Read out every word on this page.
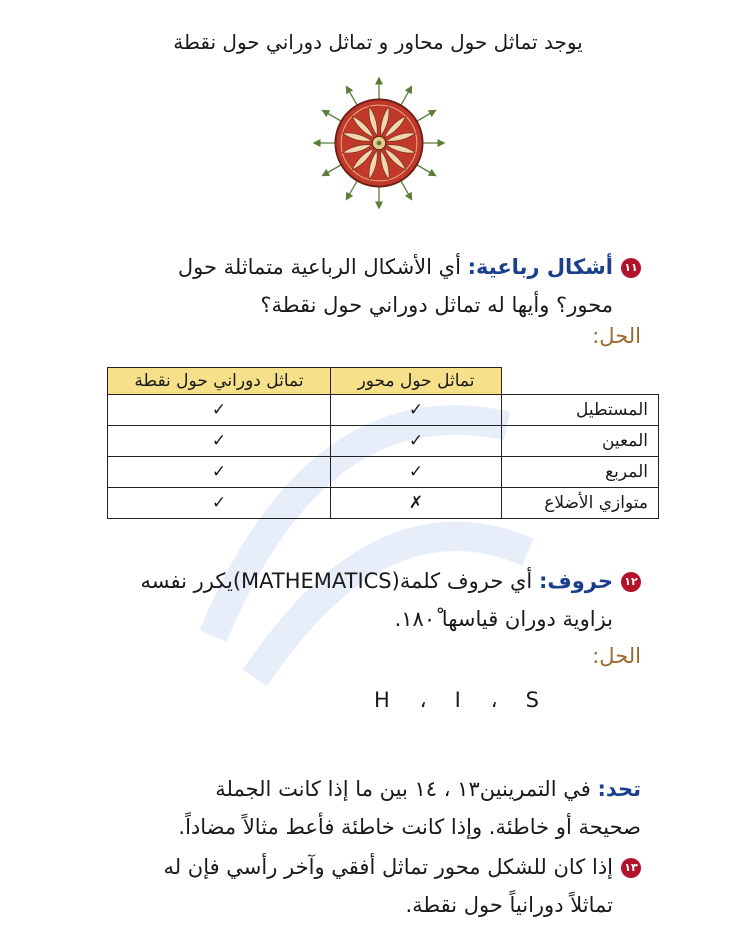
يوجد تماثل حول محاور و تماثل دوراني حول نقطة
١١أشكال رباعية: أي الأشكال الرباعية متماثلة حول
محور؟ وأيها له تماثل دوراني حول نقطة؟
الحل:
	تماثل حول محور	تماثل دوراني حول نقطة
المستطيل	✓	✓
المعين	✓	✓
المربع	✓	✓
متوازي الأضلاع	✗	✓
١٢حروف: أي حروف كلمة(MATHEMATICS)يكرر نفسه
بزاوية دوران قياسها ١٨٠ْ.
الحل:
H ، I ، S
تحد: في التمرينين١٣ ، ١٤ بين ما إذا كانت الجملة
صحيحة أو خاطئة. وإذا كانت خاطئة فأعط مثالاً مضاداً.
١٣إذا كان للشكل محور تماثل أفقي وآخر رأسي فإن له
تماثلاً دورانياً حول نقطة.
